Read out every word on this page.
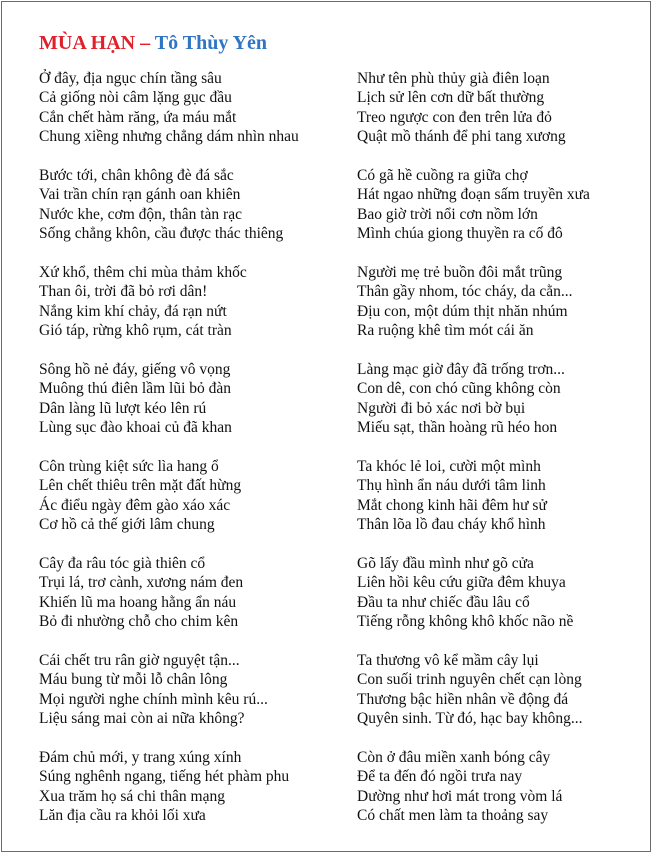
MÙA HẠN – Tô Thùy Yên
Ở đây, địa ngục chín tầng sâu
Cả giống nòi câm lặng gục đầu
Cắn chết hàm răng, ứa máu mắt
Chung xiềng nhưng chẳng dám nhìn nhau
Bước tới, chân không đè đá sắc
Vai trần chín rạn gánh oan khiên
Nước khe, cơm độn, thân tàn rạc
Sống chẳng khôn, cầu được thác thiêng
Xứ khổ, thêm chi mùa thảm khốc
Than ôi, trời đã bỏ rơi dân!
Nắng kim khí chảy, đá rạn nứt
Gió táp, rừng khô rụm, cát tràn
Sông hồ nẻ đáy, giếng vô vọng
Muông thú điên lầm lũi bỏ đàn
Dân làng lũ lượt kéo lên rú
Lùng sục đào khoai củ đã khan
Côn trùng kiệt sức lìa hang ổ
Lên chết thiêu trên mặt đất hừng
Ác điểu ngày đêm gào xáo xác
Cơ hồ cả thế giới lâm chung
Cây đa râu tóc già thiên cổ
Trụi lá, trơ cành, xương nám đen
Khiến lũ ma hoang hằng ẩn náu
Bỏ đi nhường chỗ cho chim kên
Cái chết tru rân giờ nguyệt tận...
Máu bung từ mỗi lỗ chân lông
Mọi người nghe chính mình kêu rú...
Liệu sáng mai còn ai nữa không?
Đám chủ mới, y trang xúng xính
Súng nghênh ngang, tiếng hét phàm phu
Xua trăm họ sá chi thân mạng
Lăn địa cầu ra khỏi lối xưa
Như tên phù thủy già điên loạn
Lịch sử lên cơn dữ bất thường
Treo ngược con đen trên lửa đỏ
Quật mồ thánh để phi tang xương
Có gã hề cuồng ra giữa chợ
Hát ngao những đoạn sấm truyền xưa
Bao giờ trời nổi cơn nồm lớn
Mình chúa giong thuyền ra cố đô
Người mẹ trẻ buồn đôi mắt trũng
Thân gầy nhom, tóc cháy, da cằn...
Địu con, một dúm thịt nhăn nhúm
Ra ruộng khê tìm mót cái ăn
Làng mạc giờ đây đã trống trơn...
Con dê, con chó cũng không còn
Người đi bỏ xác nơi bờ bụi
Miếu sạt, thần hoàng rũ héo hon
Ta khóc lẻ loi, cười một mình
Thụ hình ẩn náu dưới tâm linh
Mắt chong kinh hãi đêm hư sử
Thân lõa lồ đau cháy khổ hình
Gõ lấy đầu mình như gõ cửa
Liên hồi kêu cứu giữa đêm khuya
Đầu ta như chiếc đầu lâu cổ
Tiếng rỗng không khô khốc não nề
Ta thương vô kể mầm cây lụi
Con suối trinh nguyên chết cạn lòng
Thương bậc hiền nhân về động đá
Quyên sinh. Từ đó, hạc bay không...
Còn ở đâu miền xanh bóng cây
Để ta đến đó ngồi trưa nay
Dường như hơi mát trong vòm lá
Có chất men làm ta thoảng say
